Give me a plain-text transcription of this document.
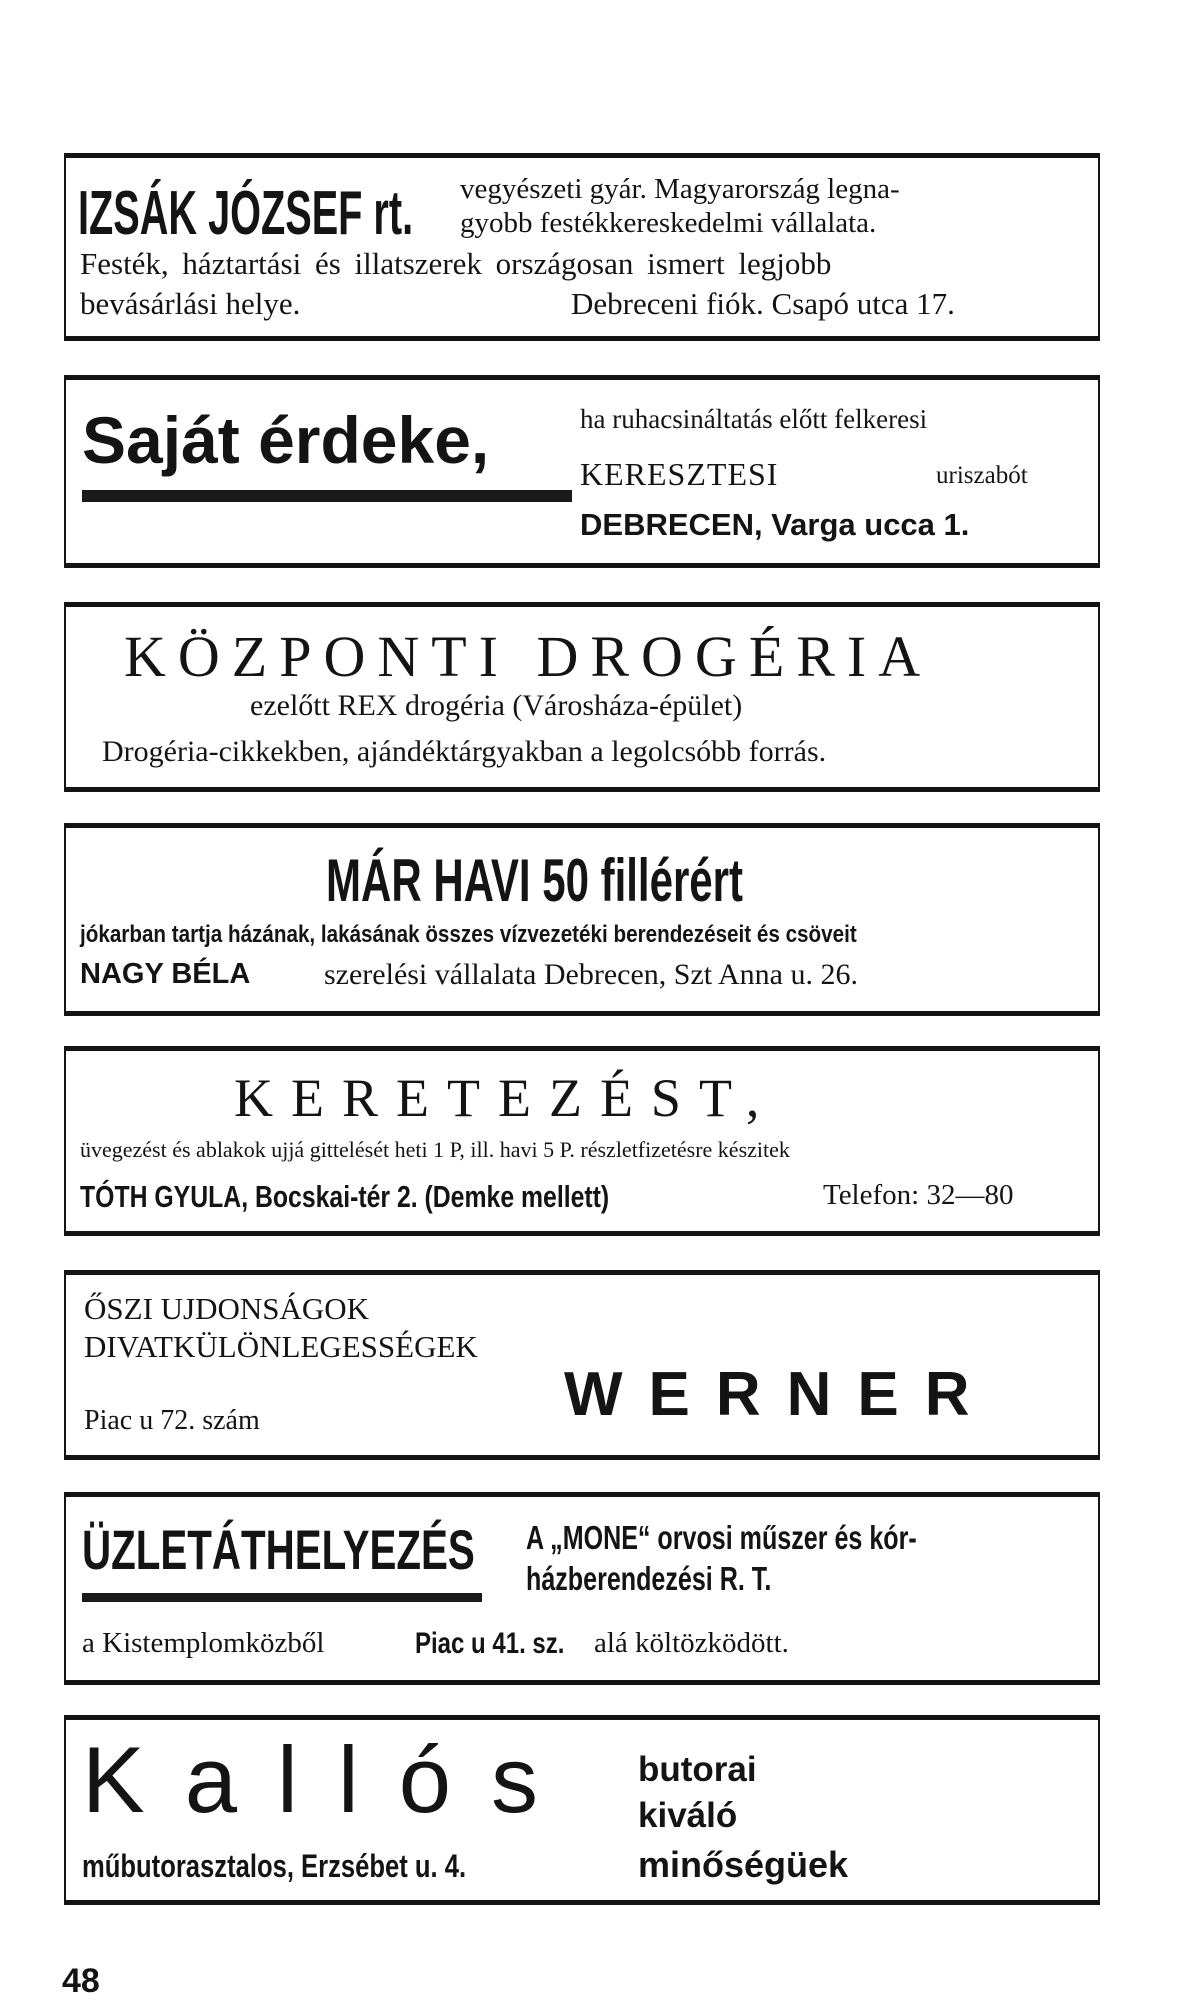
IZSÁK JÓZSEF rt. vegyészeti gyár. Magyarország legna-
gyobb festékkereskedelmi vállalata.
Festék, háztartási és illatszerek országosan ismert legjobb
bevásárlási helye.	Debreceni fiók. Csapó utca 17.
Saját érdeke,	ha ruhacsináltatás előtt felkeresi
KERESZTESI	uriszabót
DEBRECEN, Varga ucca 1.
KÖZPONTI DROGÉRIA
ezelőtt REX drogéria (Városháza-épület)
Drogéria-cikkekben, ajándéktárgyakban a legolcsóbb forrás.
MÁR HAVI 50 fillérért
jókarban tartja házának, lakásának összes vízvezetéki berendezéseit és csöveit
NAGY BÉLA szerelési vállalata Debrecen, Szt Anna u. 26.
KERETEZÉST,
üvegezést és ablakok ujjá gittelését heti 1 P, ill. havi 5 P. részletfizetésre készitek
TÓTH GYULA, Bocskai-tér 2. (Demke mellett)	Telefon: 32—80
ŐSZI UJDONSÁGOK
DIVATKÜLÖNLEGESSÉGEK
Piac u 72. szám	WERNER
ÜZLETÁTHELYEZÉS A „MONE“ orvosi műszer és kór-
házberendezési R. T.
a Kistemplomközből	Piac u 41. sz. alá költözködött.
Kallós butorai
kiváló
műbutorasztalos, Erzsébet u. 4.	minőségüek
48
